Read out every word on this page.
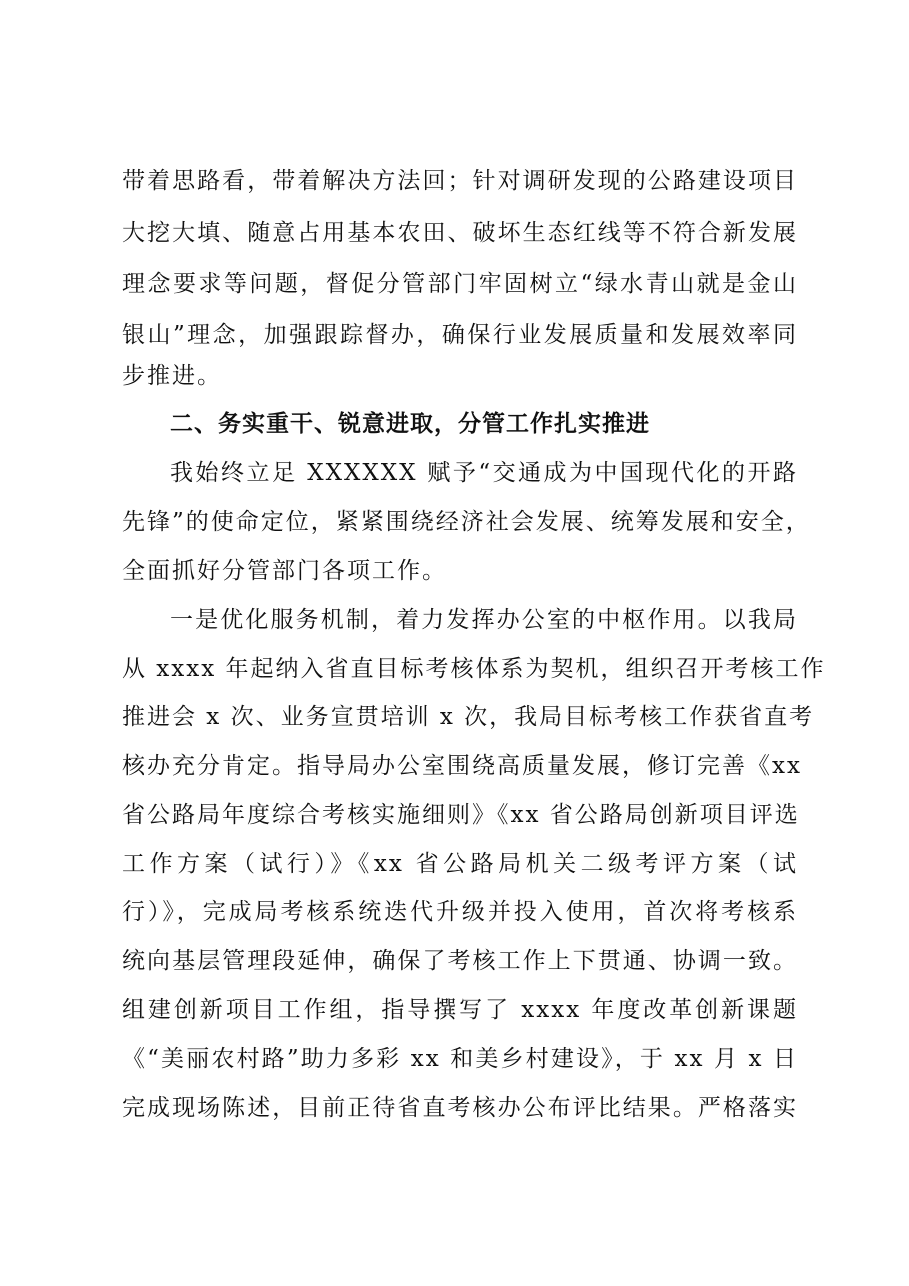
带着思路看，带着解决方法回；针对调研发现的公路建设项目
大挖大填、随意占用基本农田、破坏生态红线等不符合新发展
理念要求等问题，督促分管部门牢固树立“绿水青山就是金山
银山”理念，加强跟踪督办，确保行业发展质量和发展效率同
步推进。
二、务实重干、锐意进取，分管工作扎实推进
我始终立足 XXXXXX 赋予“交通成为中国现代化的开路
先锋”的使命定位，紧紧围绕经济社会发展、统筹发展和安全，
全面抓好分管部门各项工作。
一是优化服务机制，着力发挥办公室的中枢作用。以我局
从 xxxx 年起纳入省直目标考核体系为契机，组织召开考核工作
推进会 x 次、业务宣贯培训 x 次，我局目标考核工作获省直考
核办充分肯定。指导局办公室围绕高质量发展，修订完善《xx
省公路局年度综合考核实施细则》《xx 省公路局创新项目评选
工作方案（试行）》《xx 省公路局机关二级考评方案（试
行）》，完成局考核系统迭代升级并投入使用，首次将考核系
统向基层管理段延伸，确保了考核工作上下贯通、协调一致。
组建创新项目工作组，指导撰写了 xxxx 年度改革创新课题
《“美丽农村路”助力多彩 xx 和美乡村建设》，于 xx 月 x 日
完成现场陈述，目前正待省直考核办公布评比结果。严格落实
